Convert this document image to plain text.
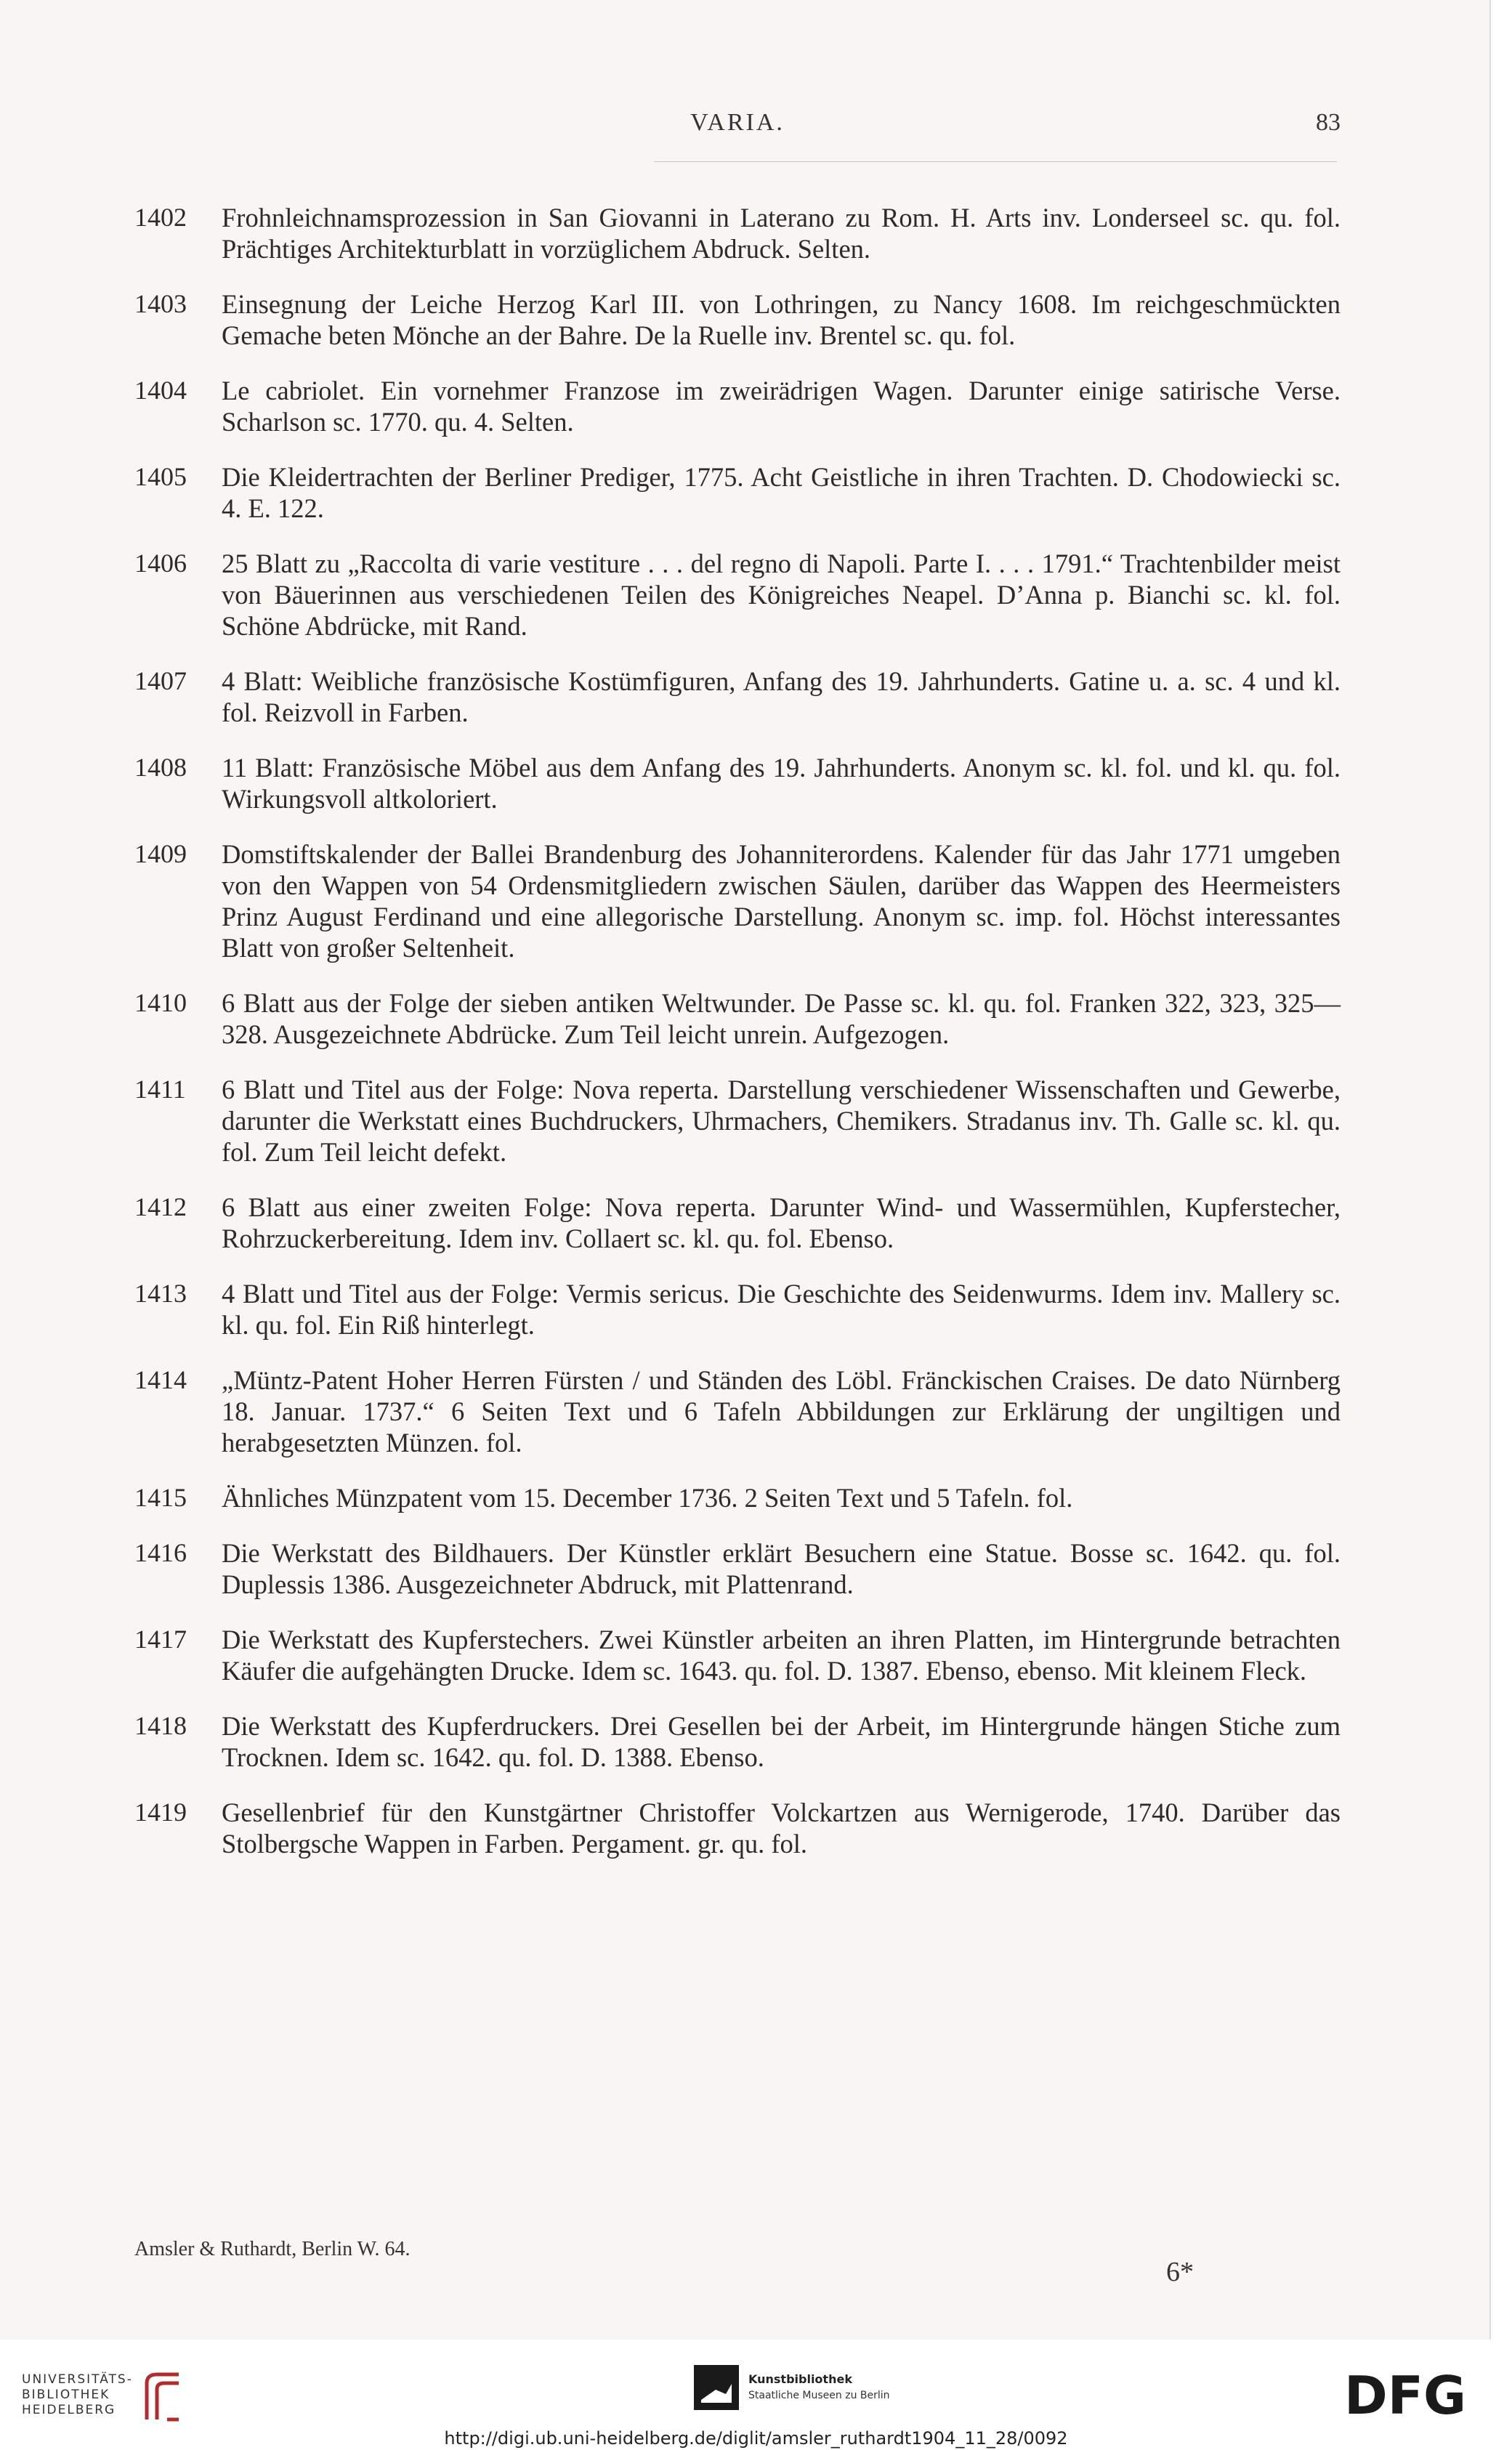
VARIA.	83
1402	Frohnleichnamsprozession in San Giovanni in Laterano zu Rom. H. Arts inv. Londerseel sc. qu. fol. Prächtiges Architekturblatt in vorzüglichem Abdruck. Selten.

1403	Einsegnung der Leiche Herzog Karl III. von Lothringen, zu Nancy 1608. Im reichgeschmückten Gemache beten Mönche an der Bahre. De la Ruelle inv. Brentel sc. qu. fol.

1404	Le cabriolet. Ein vornehmer Franzose im zweirädrigen Wagen. Darunter einige satirische Verse. Scharlson sc. 1770. qu. 4. Selten.

1405	Die Kleidertrachten der Berliner Prediger, 1775. Acht Geistliche in ihren Trachten. D. Chodowiecki sc. 4. E. 122.

1406	25 Blatt zu „Raccolta di varie vestiture . . . del regno di Napoli. Parte I. . . . 1791.“ Trachtenbilder meist von Bäuerinnen aus verschiedenen Teilen des Königreiches Neapel. D’Anna p. Bianchi sc. kl. fol. Schöne Abdrücke, mit Rand.

1407	4 Blatt: Weibliche französische Kostümfiguren, Anfang des 19. Jahrhunderts. Gatine u. a. sc. 4 und kl. fol. Reizvoll in Farben.

1408	11 Blatt: Französische Möbel aus dem Anfang des 19. Jahrhunderts. Anonym sc. kl. fol. und kl. qu. fol. Wirkungsvoll altkoloriert.

1409	Domstiftskalender der Ballei Brandenburg des Johanniterordens. Kalender für das Jahr 1771 umgeben von den Wappen von 54 Ordensmitgliedern zwischen Säulen, darüber das Wappen des Heermeisters Prinz August Ferdinand und eine allegorische Darstellung. Anonym sc. imp. fol. Höchst interessantes Blatt von großer Seltenheit.

1410	6 Blatt aus der Folge der sieben antiken Weltwunder. De Passe sc. kl. qu. fol. Franken 322, 323, 325—328. Ausgezeichnete Abdrücke. Zum Teil leicht unrein. Aufgezogen.

1411	6 Blatt und Titel aus der Folge: Nova reperta. Darstellung verschiedener Wissenschaften und Gewerbe, darunter die Werkstatt eines Buchdruckers, Uhrmachers, Chemikers. Stradanus inv. Th. Galle sc. kl. qu. fol. Zum Teil leicht defekt.

1412	6 Blatt aus einer zweiten Folge: Nova reperta. Darunter Wind- und Wassermühlen, Kupferstecher, Rohrzuckerbereitung. Idem inv. Collaert sc. kl. qu. fol. Ebenso.

1413	4 Blatt und Titel aus der Folge: Vermis sericus. Die Geschichte des Seidenwurms. Idem inv. Mallery sc. kl. qu. fol. Ein Riß hinterlegt.

1414	„Müntz-Patent Hoher Herren Fürsten / und Ständen des Löbl. Fränckischen Craises. De dato Nürnberg 18. Januar. 1737.“ 6 Seiten Text und 6 Tafeln Abbildungen zur Erklärung der ungiltigen und herabgesetzten Münzen. fol.

1415	Ähnliches Münzpatent vom 15. December 1736. 2 Seiten Text und 5 Tafeln. fol.

1416	Die Werkstatt des Bildhauers. Der Künstler erklärt Besuchern eine Statue. Bosse sc. 1642. qu. fol. Duplessis 1386. Ausgezeichneter Abdruck, mit Plattenrand.

1417	Die Werkstatt des Kupferstechers. Zwei Künstler arbeiten an ihren Platten, im Hintergrunde betrachten Käufer die aufgehängten Drucke. Idem sc. 1643. qu. fol. D. 1387. Ebenso, ebenso. Mit kleinem Fleck.

1418	Die Werkstatt des Kupferdruckers. Drei Gesellen bei der Arbeit, im Hintergrunde hängen Stiche zum Trocknen. Idem sc. 1642. qu. fol. D. 1388. Ebenso.

1419	Gesellenbrief für den Kunstgärtner Christoffer Volckartzen aus Wernigerode, 1740. Darüber das Stolbergsche Wappen in Farben. Pergament. gr. qu. fol.

Amsler & Ruthardt, Berlin W. 64.
6*
UNIVERSITÄTS-BIBLIOTHEK HEIDELBERG
Kunstbibliothek
Staatliche Museen zu Berlin	DFG
http://digi.ub.uni-heidelberg.de/diglit/amsler_ruthardt1904_11_28/0092
